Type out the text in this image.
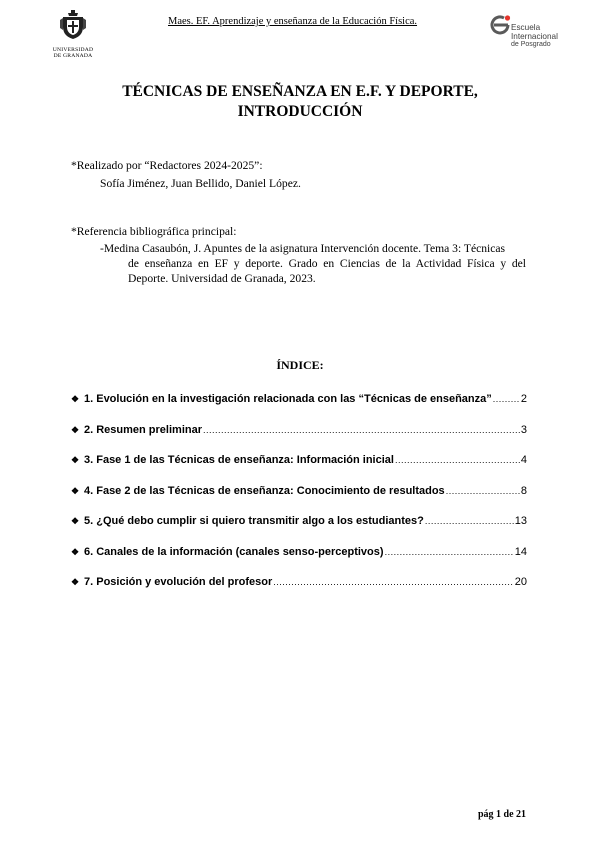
UNIVERSIDAD
DE GRANADA
Maes. EF. Aprendizaje y enseñanza de la Educación Física.
Escuela
Internacional
de Posgrado
TÉCNICAS DE ENSEÑANZA EN E.F. Y DEPORTE,
INTRODUCCIÓN
*Realizado por “Redactores 2024-2025”:
Sofía Jiménez, Juan Bellido, Daniel López.
*Referencia bibliográfica principal:
-Medina Casaubón, J. Apuntes de la asignatura Intervención docente. Tema 3: Técnicas
de enseñanza en EF y deporte. Grado en Ciencias de la Actividad Física y del Deporte. Universidad de Granada, 2023.
ÍNDICE:
❖ 1. Evolución en la investigación relacionada con las “Técnicas de enseñanza” .....	2
❖ 2. Resumen preliminar .....	3
❖ 3. Fase 1 de las Técnicas de enseñanza: Información inicial .....	4
❖ 4. Fase 2 de las Técnicas de enseñanza: Conocimiento de resultados .....	8
❖ 5. ¿Qué debo cumplir si quiero transmitir algo a los estudiantes? .....	13
❖ 6. Canales de la información (canales senso-perceptivos) .....	14
❖ 7. Posición y evolución del profesor .....	20
pág 1 de 21
